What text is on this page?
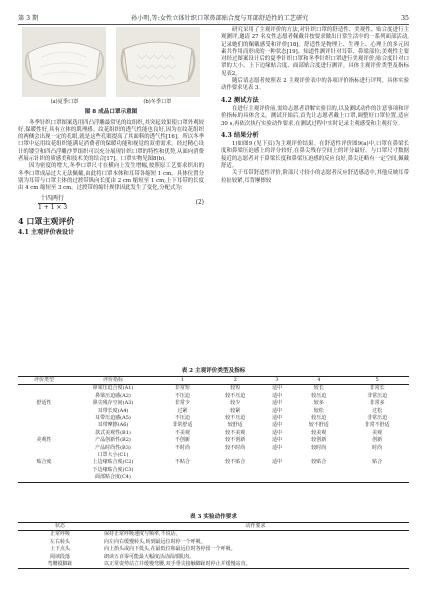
第 3 期	孙小明,等:女性立体针织口罩鼻部贴合度与耳部舒适性的工艺研究	35
(a)夏季口罩	(b)冬季口罩
图 8 成品口罩示意图

冬季针织口罩图案选用四凸浮雕最常见的纹组织,其突起效果使口罩外观较好,保暖性好,具有立体的肌理感。纹花组织的透气性能也良好,因为在纹花组织的两侧会出现一定的孔眼,就是这些孔眼提高了其面料的透气性[16]。所以冬季口罩中运用纹花组织能满足消费者的保暖功能和视觉的双重需求。经过精心设计的镂空和四凸浮雕沙罗组织可以充分展现针织口罩的特性和优势,从面向消费者展示针织的质感美和技术美的结合[17]。口罩实物见图8(b)。

因为密度的增大,冬季口罩尺寸在横向上发生增幅,按照原工艺要求织出的冬季口罩成品过大无法佩戴,由此将口罩本体和耳带各缩短 1 cm。具体位置分别为耳带与口罩主体的过渡带纵向长度由 2 cm 缩短至 1 cm,上下耳带的长度由 4 cm 缩短至 3 cm。过渡带的缩针规律因此发生了变化,分配式为:

十四两行
1 + 1 × 3
(2)
4 口罩主观评价
4.1 主观评价表设计

研究采用了主观评价的方法,对针织口罩的舒适性、美观性、贴合度进行主观测评,邀请 27 名女性志愿者佩戴并按要求做出日常生活中的一系列面部活动,记录她们的佩戴感受和评价[18]。舒适性是物理上、生理上、心理上的多元因素共作用而形成的一种状态[19]。知道性测评针对耳带、鼻梁部位;美观性主要对经过图案设计后的夏季针织口罩和冬季针织口罩进行美观评价;贴合度针对口罩的大小、上下边缘贴合度、面部贴合度进行测评。具体主观评价类型及指标见表2。

随后请志愿者按照表 2 主观评价表中的各项评价指标进行评判。具体实验动作要求见表 3。

4.2 测试方法

在进行主观评价前,需给志愿者讲解实验目的,以及测试动作的注意事项和评价指标的具体含义。测试开始后,首先让志愿者戴上口罩,调整好口罩位置,适应 30 s,再依次执行实验动作要求,在测试过程中实时记录主观感受和主观打分。

4.3 结果分析

1)如图9 (见下页)为主观评价结果。在舒适性评价图9(a)中,口罩在鼻梁长度和鼻梁压迫感上的评分较好,在鼻尖残存空间上的评分最好。与口罩尺寸数据接近的志愿者对于鼻梁长度和鼻梁压迫感的反应良好,鼻尖还略有一定空间,佩戴舒适。

关于耳带舒适性评价,阶部尺寸较小的志愿者反应舒适感适中,其他反映耳带拉扯较紧,耳背摩擦较

表 2 主观评价类型及指标
评价类型	评价指标	1	2	3	4	5
	鼻梁压迫合度(A1)	非常短	较短	适中	较长	非常长
	鼻梁压迫感(A2)	不压迫	较不压迫	适中	较压迫	非常压迫
舒适性	鼻尖残存空间(A3)	非常少	较少	适中	较多	非常多
	耳带长度(A4)	过紧	较紧	适中	较松	过松
	耳带压迫感(A5)	不压迫	较不压迫	适中	较压迫	非常压迫
	耳带摩擦(A6)	非常舒适	较舒适	适中	较不舒适	非常不舒适
	款式美观性(B1)	不美观	较不美观	适中	较美观	美观
美观性	产品创新性(B2)	不创新	较不创新	适中	较创新	创新
	产品时尚性(B3)	不时尚	较不时尚	适中	较时尚	时尚
	口罩大小(C1)					
贴合度	上边缘贴合度(C2)	不贴合	较不贴合	适中	较贴合	贴合
	下边缘贴合度(C3)					
	面部贴合度(C4)					
表 3 实验动作要求
状态	动作要求
正常呼吸	保持正常呼吸速度与频率,不说话。
左右转头	向左向右缓慢转头,转到最远位时停一个呼吸。
上下点头	向上抬头或向下低头,在最低位和最远位时各停留一个呼吸。
阅读段落	朗读五百零可能最大幅度活动面部肌肉。
弯腰摸脚趾	以正常姿势站立并缓慢弯腰,双手垂尖接触脚趾时停止并缓慢站直。
